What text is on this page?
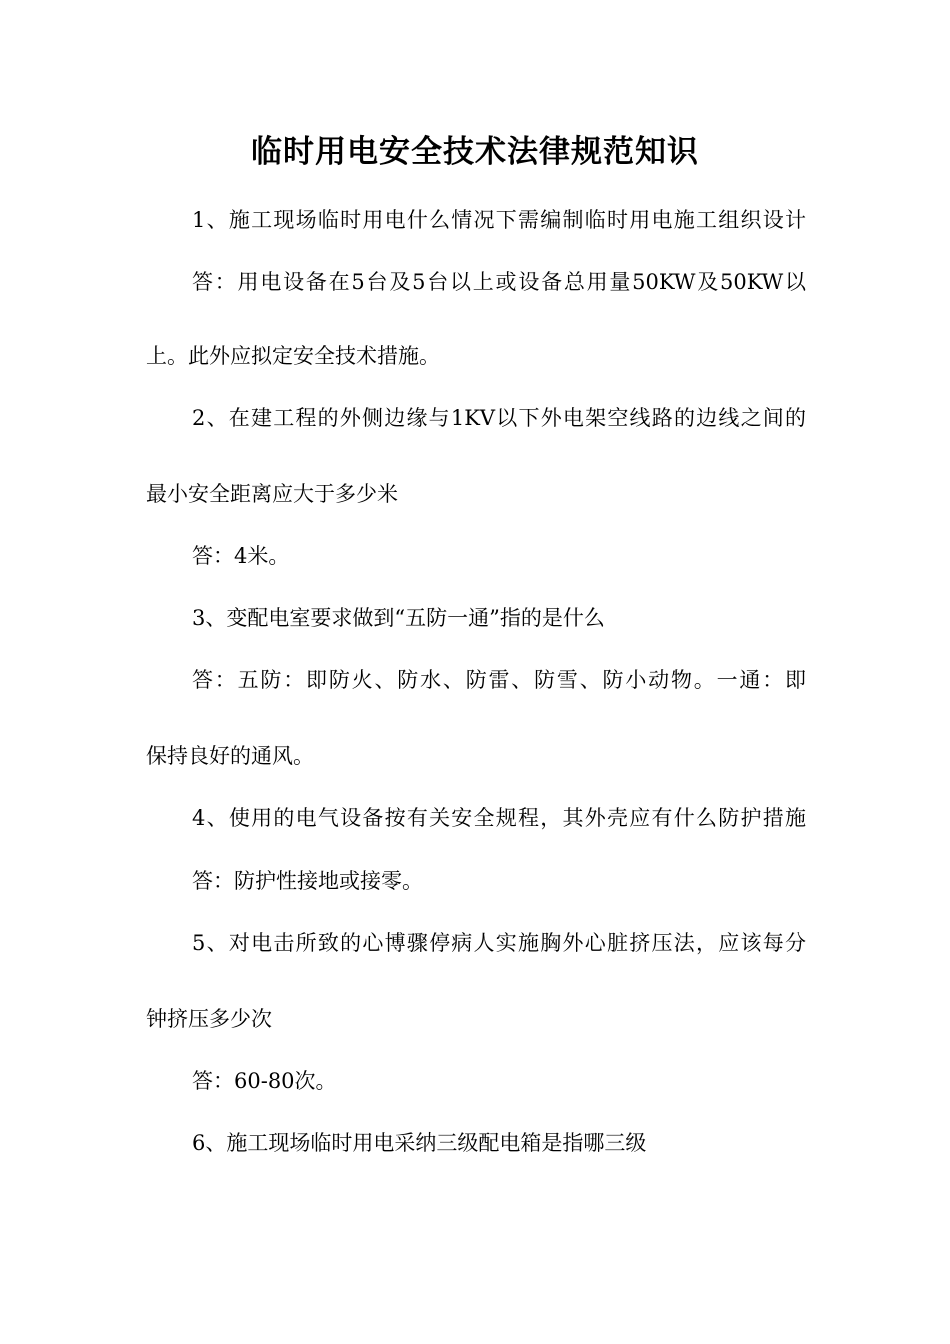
临时用电安全技术法律规范知识
1、施工现场临时用电什么情况下需编制临时用电施工组织设计
答：用电设备在5台及5台以上或设备总用量50KW及50KW以
上。此外应拟定安全技术措施。
2、在建工程的外侧边缘与1KV以下外电架空线路的边线之间的
最小安全距离应大于多少米
答：4米。
3、变配电室要求做到“五防一通”指的是什么
答：五防：即防火、防水、防雷、防雪、防小动物。一通：即
保持良好的通风。
4、使用的电气设备按有关安全规程，其外壳应有什么防护措施
答：防护性接地或接零。
5、对电击所致的心博骤停病人实施胸外心脏挤压法，应该每分
钟挤压多少次
答：60-80次。
6、施工现场临时用电采纳三级配电箱是指哪三级
